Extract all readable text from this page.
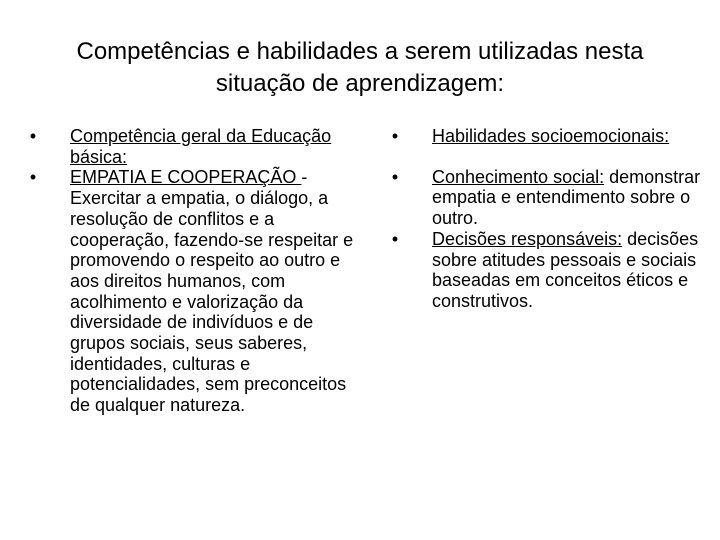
Competências e habilidades a serem utilizadas nesta
situação de aprendizagem:
• Competência geral da Educação básica:
• EMPATIA E COOPERAÇÃO - Exercitar a empatia, o diálogo, a resolução de conflitos e a cooperação, fazendo-se respeitar e promovendo o respeito ao outro e aos direitos humanos, com acolhimento e valorização da diversidade de indivíduos e de grupos sociais, seus saberes, identidades, culturas e potencialidades, sem preconceitos de qualquer natureza.
• Habilidades socioemocionais:
• Conhecimento social: demonstrar empatia e entendimento sobre o outro.
• Decisões responsáveis: decisões sobre atitudes pessoais e sociais baseadas em conceitos éticos e construtivos.
